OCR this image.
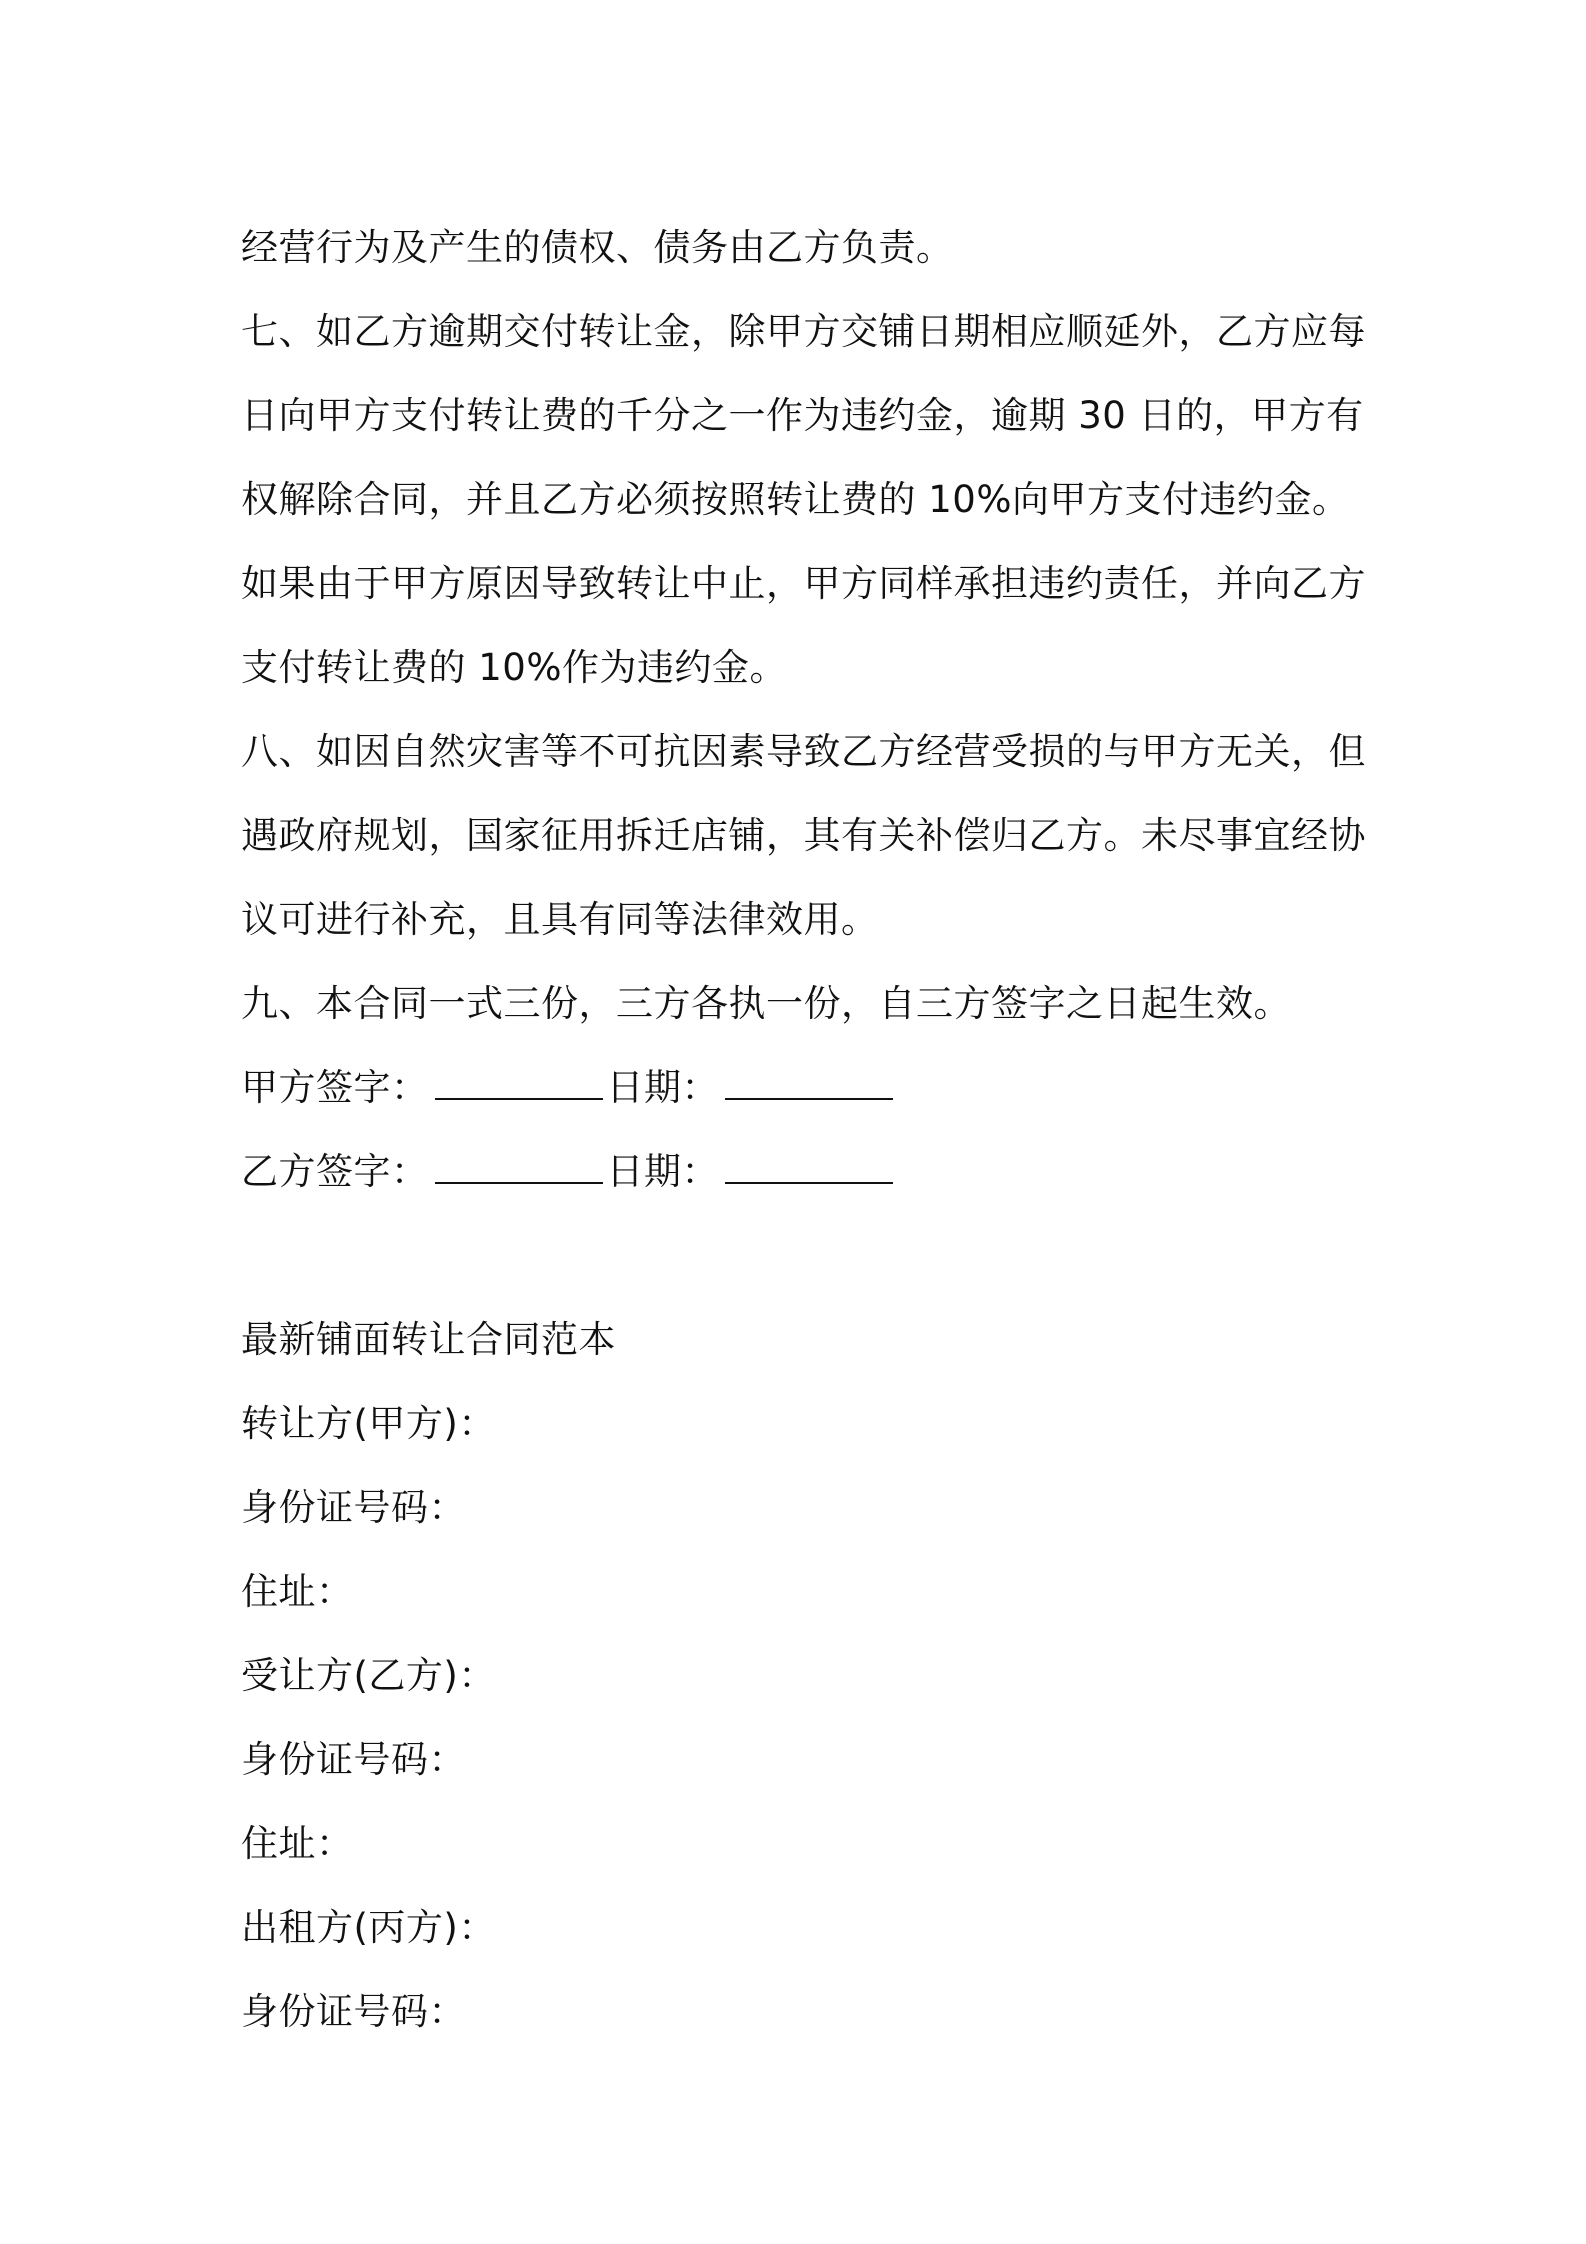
经营行为及产生的债权、债务由乙方负责。
七、如乙方逾期交付转让金，除甲方交铺日期相应顺延外，乙方应每
日向甲方支付转让费的千分之一作为违约金，逾期 30 日的，甲方有
权解除合同，并且乙方必须按照转让费的 10%向甲方支付违约金。
如果由于甲方原因导致转让中止，甲方同样承担违约责任，并向乙方
支付转让费的 10%作为违约金。
八、如因自然灾害等不可抗因素导致乙方经营受损的与甲方无关，但
遇政府规划，国家征用拆迁店铺，其有关补偿归乙方。未尽事宜经协
议可进行补充，且具有同等法律效用。
九、本合同一式三份，三方各执一份，自三方签字之日起生效。
甲方签字：	日期：
乙方签字：	日期：
最新铺面转让合同范本
转让方(甲方)：
身份证号码：
住址：
受让方(乙方)：
身份证号码：
住址：
出租方(丙方)：
身份证号码：
